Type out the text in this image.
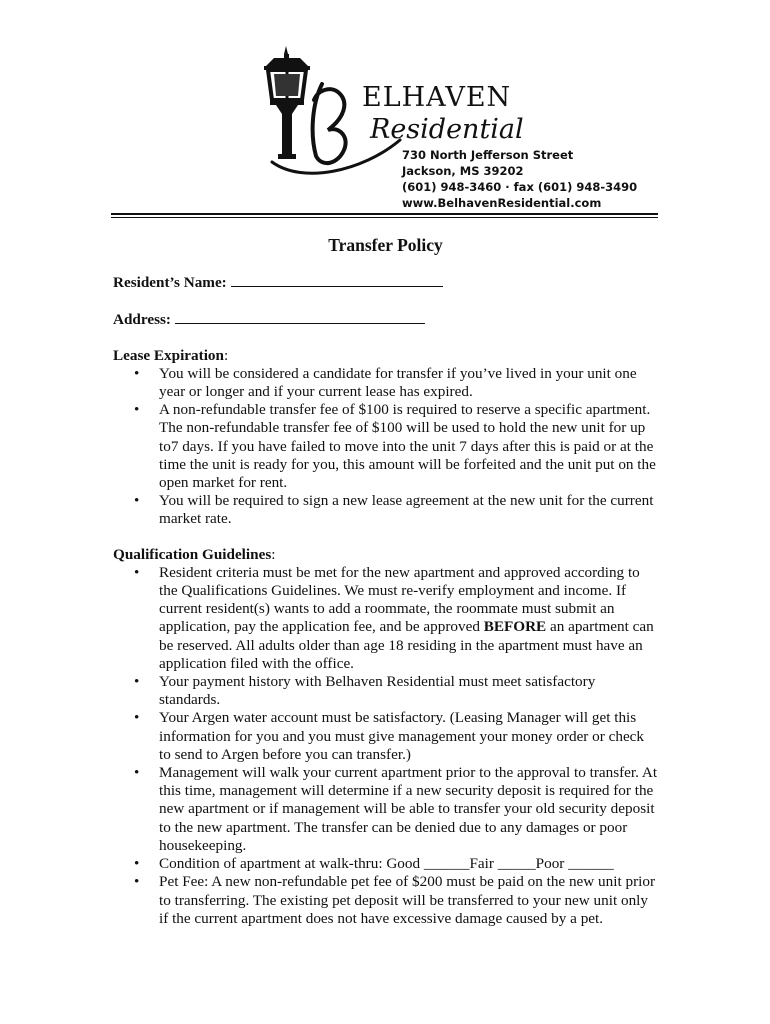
ELHAVEN
Residential
730 North Jefferson Street
Jackson, MS 39202
(601) 948-3460 · fax (601) 948-3490
www.BelhavenResidential.com
Transfer Policy
Resident’s Name:
Address:
Lease Expiration:
• You will be considered a candidate for transfer if you’ve lived in your unit one year or longer and if your current lease has expired.
• A non-refundable transfer fee of $100 is required to reserve a specific apartment. The non-refundable transfer fee of $100 will be used to hold the new unit for up to7 days. If you have failed to move into the unit 7 days after this is paid or at the time the unit is ready for you, this amount will be forfeited and the unit put on the open market for rent.
• You will be required to sign a new lease agreement at the new unit for the current market rate.
Qualification Guidelines:
• Resident criteria must be met for the new apartment and approved according to the Qualifications Guidelines. We must re-verify employment and income. If current resident(s) wants to add a roommate, the roommate must submit an application, pay the application fee, and be approved BEFORE an apartment can be reserved. All adults older than age 18 residing in the apartment must have an application filed with the office.
• Your payment history with Belhaven Residential must meet satisfactory standards.
• Your Argen water account must be satisfactory. (Leasing Manager will get this information for you and you must give management your money order or check to send to Argen before you can transfer.)
• Management will walk your current apartment prior to the approval to transfer. At this time, management will determine if a new security deposit is required for the new apartment or if management will be able to transfer your old security deposit to the new apartment. The transfer can be denied due to any damages or poor housekeeping.
• Condition of apartment at walk-thru: Good ______Fair _____Poor ______
• Pet Fee: A new non-refundable pet fee of $200 must be paid on the new unit prior to transferring. The existing pet deposit will be transferred to your new unit only if the current apartment does not have excessive damage caused by a pet.
